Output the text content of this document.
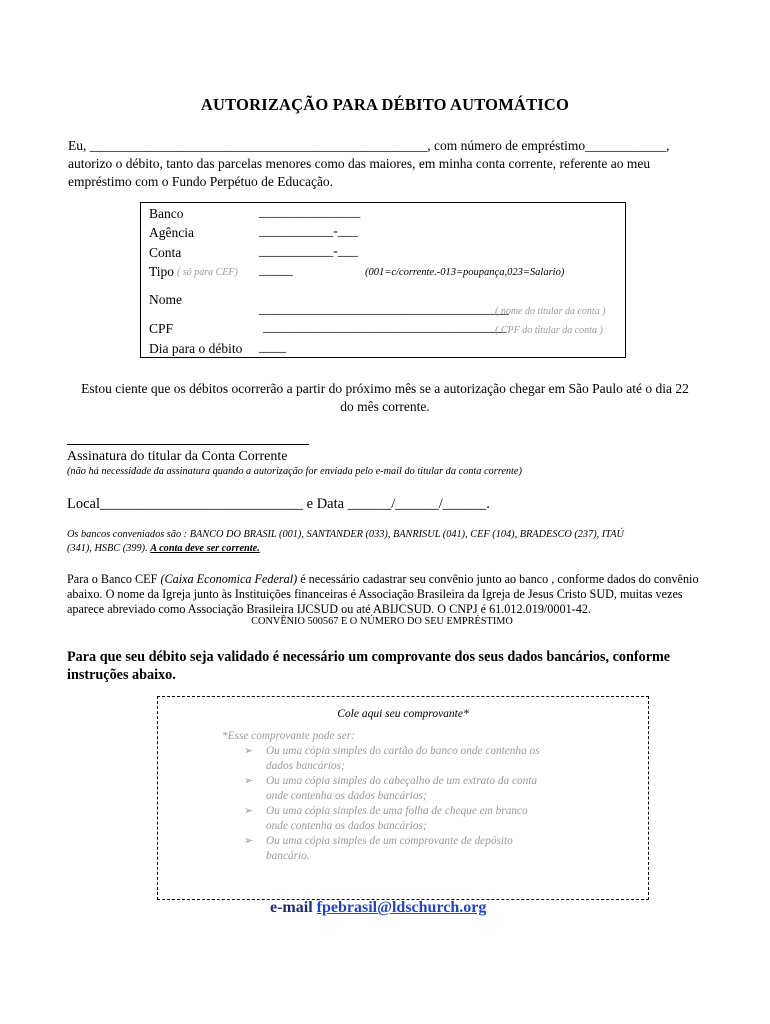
AUTORIZAÇÃO PARA DÉBITO AUTOMÁTICO
Eu, __________________________________________________, com número de empréstimo____________,
autorizo o débito, tanto das parcelas menores como das maiores, em minha conta corrente, referente ao meu
empréstimo com o Fundo Perpétuo de Educação.
Banco	_______________
Agência	___________-___
Conta	___________-___
Tipo ( só para CEF) _____	(001=c/corrente.-013=poupança,023=Salario)
Nome
_____________________________________
( nome do titular da conta )
CPF	____________________________________
( CPF do titular da conta )
Dia para o débito ____
Estou ciente que os débitos ocorrerão a partir do próximo mês se a autorização chegar em São Paulo até o dia 22
do mês corrente.
Assinatura do titular da Conta Corrente
(não há necessidade da assinatura quando a autorização for enviada pelo e-mail do titular da conta corrente)
Local____________________________ e Data ______/______/______.
Os bancos conveniados são : BANCO DO BRASIL (001), SANTANDER (033), BANRISUL (041), CEF (104), BRADESCO (237), ITAÚ
(341), HSBC (399). A conta deve ser corrente.
Para o Banco CEF (Caixa Economica Federal) é necessário cadastrar seu convênio junto ao banco , conforme dados do convênio
abaixo. O nome da Igreja junto às Instituições financeiras é Associação Brasileira da Igreja de Jesus Cristo SUD, muitas vezes
aparece abreviado como Associação Brasileira IJCSUD ou até ABIJCSUD. O CNPJ é 61.012.019/0001-42.
CONVÊNIO 500567 E O NÚMERO DO SEU EMPRÉSTIMO
Para que seu débito seja validado é necessário um comprovante dos seus dados bancários, conforme
instruções abaixo.
Cole aqui seu comprovante*
*Esse comprovante pode ser:
➢ Ou uma cópia simples do cartão do banco onde contenha os
dados bancários;
➢ Ou uma cópia simples do cabeçalho de um extrato da conta
onde contenha os dados bancários;
➢ Ou uma cópia simples de uma folha de cheque em branco
onde contenha os dados bancários;
➢ Ou uma cópia simples de um comprovante de depósito
bancário.
e-mail fpebrasil@ldschurch.org
